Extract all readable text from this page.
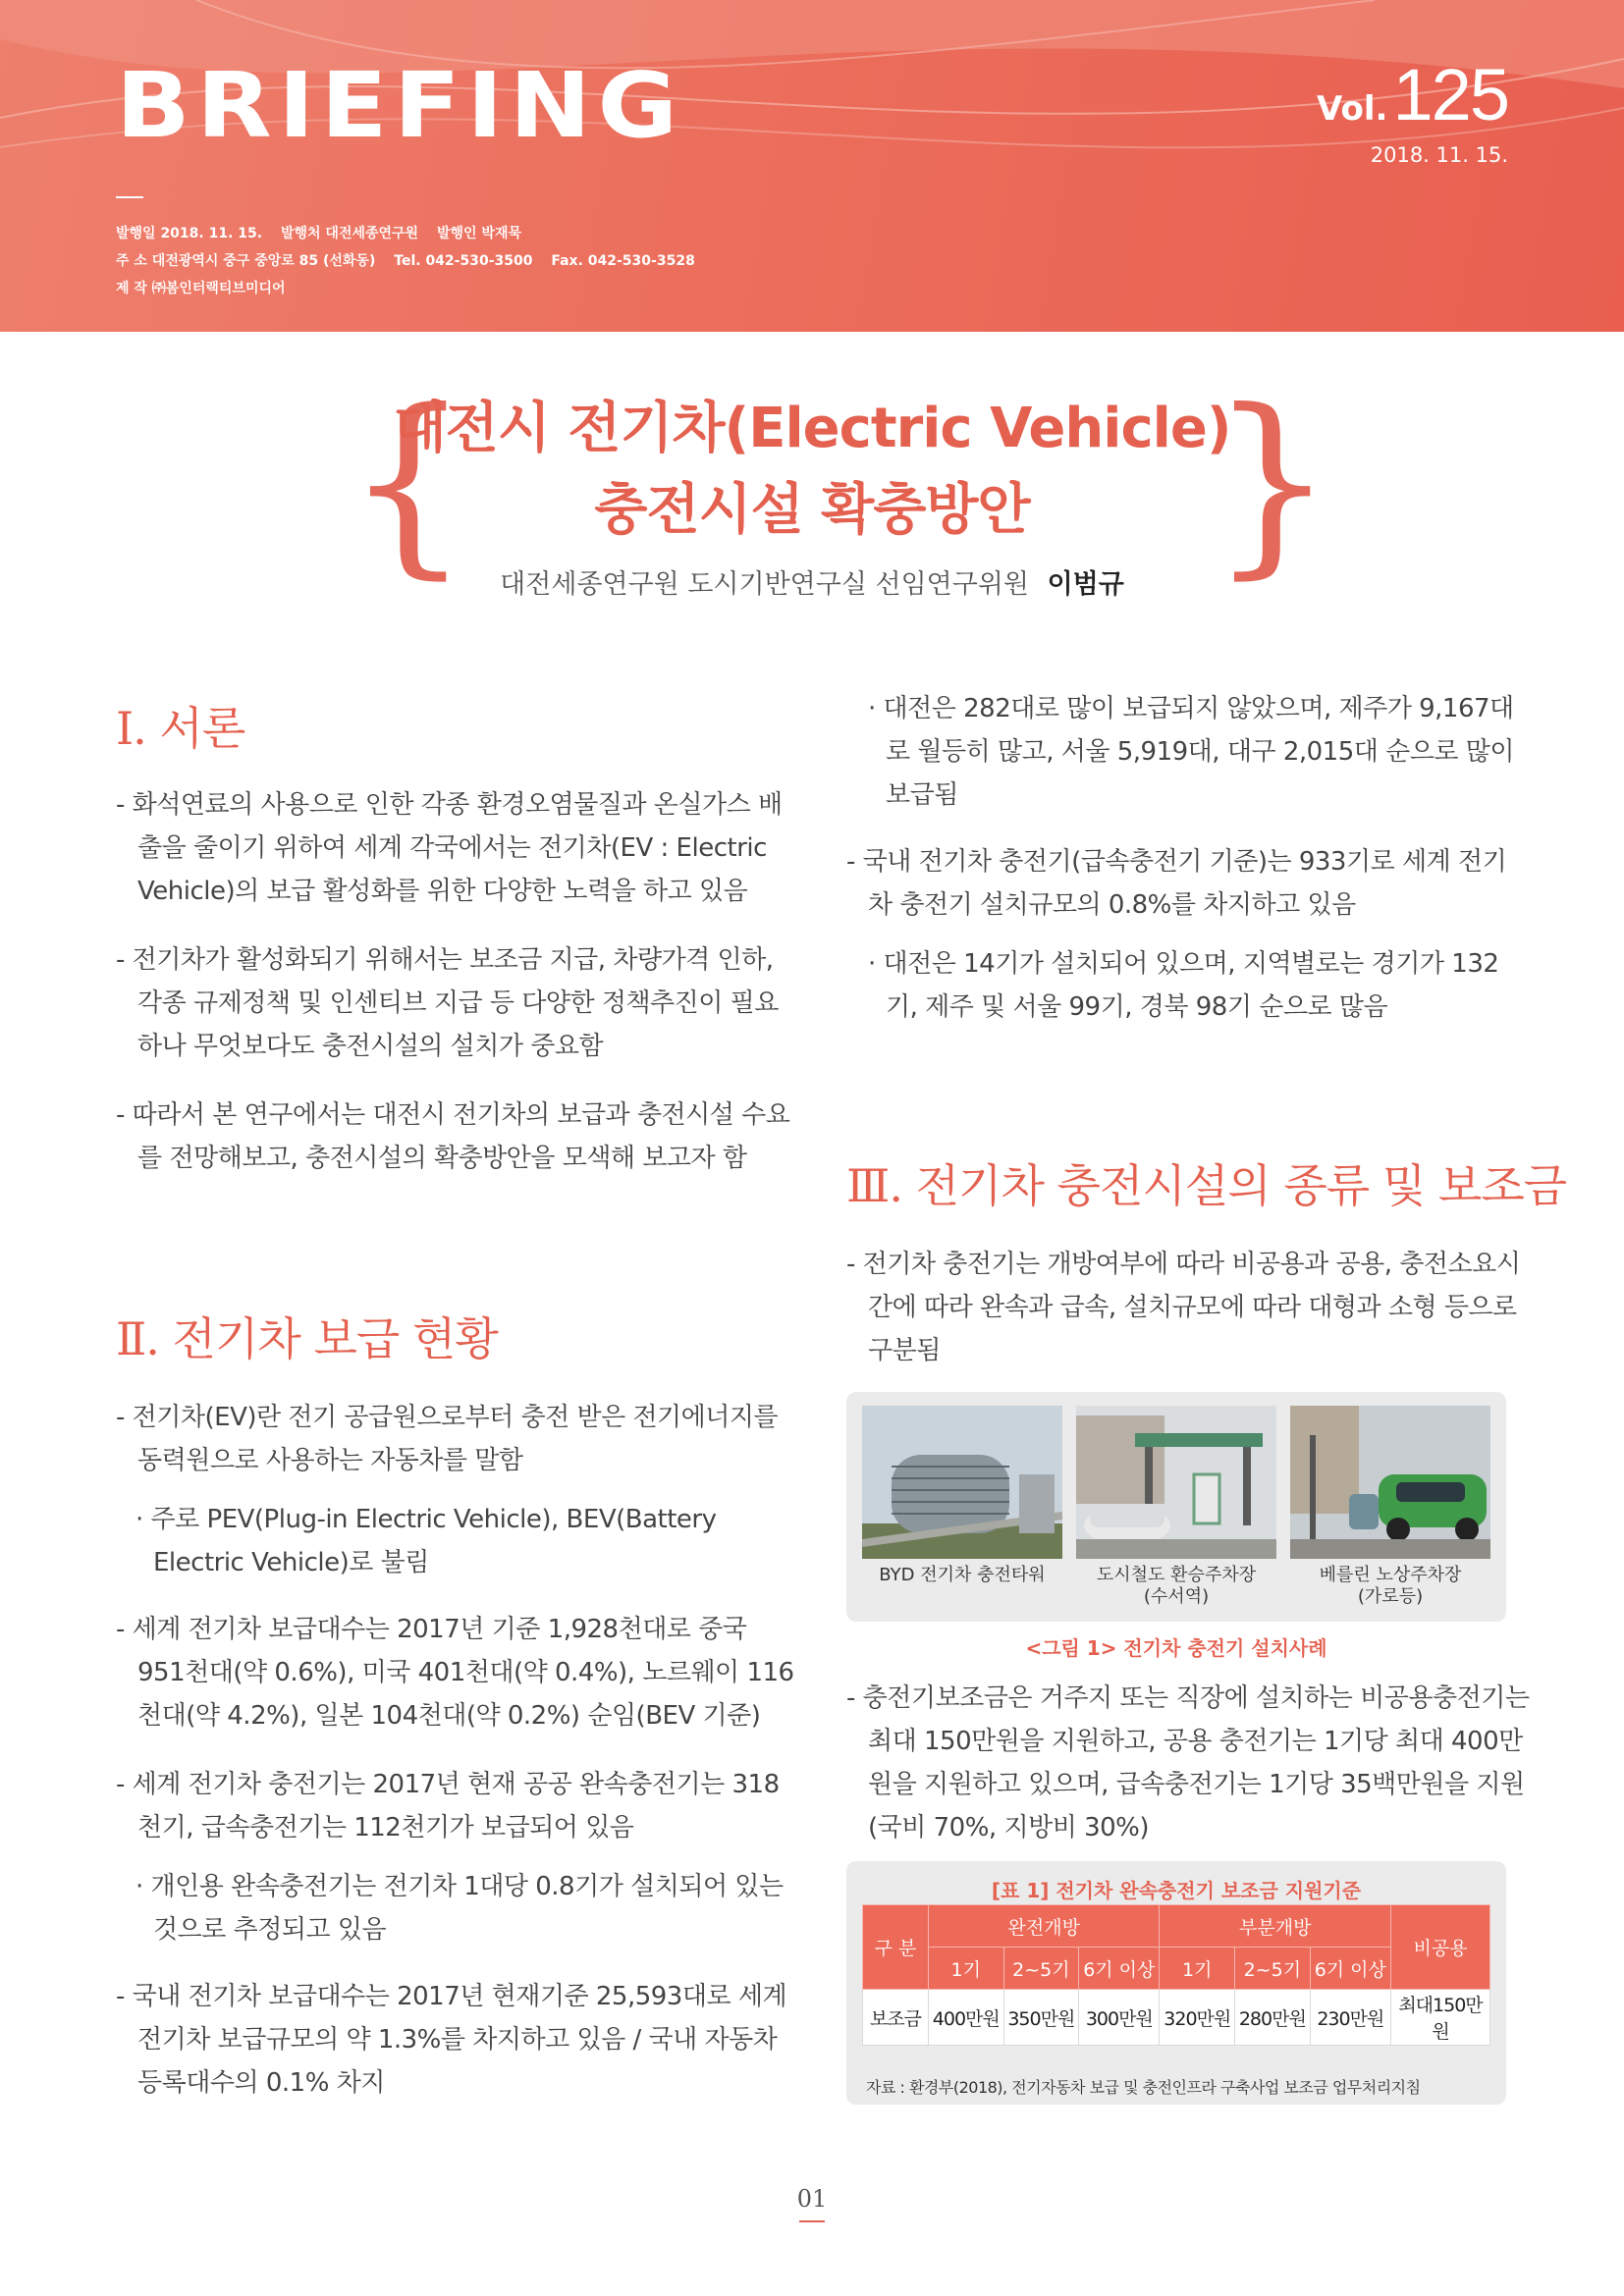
BRIEFING	Vol. 125
2018. 11. 15.
발행일 2018. 11. 15. 발행처 대전세종연구원 발행인 박재묵
주 소 대전광역시 중구 중앙로 85 (선화동) Tel. 042-530-3500 Fax. 042-530-3528
제 작 ㈜봄인터랙티브미디어
{	}
대전시 전기차(Electric Vehicle)
충전시설 확충방안
대전세종연구원 도시기반연구실 선임연구위원 이범규
Ⅰ. 서론
- 화석연료의 사용으로 인한 각종 환경오염물질과 온실가스 배출을 줄이기 위하여 세계 각국에서는 전기차(EV : Electric Vehicle)의 보급 활성화를 위한 다양한 노력을 하고 있음
- 전기차가 활성화되기 위해서는 보조금 지급, 차량가격 인하, 각종 규제정책 및 인센티브 지급 등 다양한 정책추진이 필요하나 무엇보다도 충전시설의 설치가 중요함
- 따라서 본 연구에서는 대전시 전기차의 보급과 충전시설 수요를 전망해보고, 충전시설의 확충방안을 모색해 보고자 함
Ⅱ. 전기차 보급 현황
- 전기차(EV)란 전기 공급원으로부터 충전 받은 전기에너지를 동력원으로 사용하는 자동차를 말함
· 주로 PEV(Plug-in Electric Vehicle), BEV(Battery Electric Vehicle)로 불림
- 세계 전기차 보급대수는 2017년 기준 1,928천대로 중국 951천대(약 0.6%), 미국 401천대(약 0.4%), 노르웨이 116천대(약 4.2%), 일본 104천대(약 0.2%) 순임(BEV 기준)
- 세계 전기차 충전기는 2017년 현재 공공 완속충전기는 318천기, 급속충전기는 112천기가 보급되어 있음
· 개인용 완속충전기는 전기차 1대당 0.8기가 설치되어 있는 것으로 추정되고 있음
- 국내 전기차 보급대수는 2017년 현재기준 25,593대로 세계 전기차 보급규모의 약 1.3%를 차지하고 있음 / 국내 자동차 등록대수의 0.1% 차지
· 대전은 282대로 많이 보급되지 않았으며, 제주가 9,167대로 월등히 많고, 서울 5,919대, 대구 2,015대 순으로 많이 보급됨
- 국내 전기차 충전기(급속충전기 기준)는 933기로 세계 전기차 충전기 설치규모의 0.8%를 차지하고 있음
· 대전은 14기가 설치되어 있으며, 지역별로는 경기가 132기, 제주 및 서울 99기, 경북 98기 순으로 많음
Ⅲ. 전기차 충전시설의 종류 및 보조금
- 전기차 충전기는 개방여부에 따라 비공용과 공용, 충전소요시간에 따라 완속과 급속, 설치규모에 따라 대형과 소형 등으로 구분됨
BYD 전기차 충전타워	도시철도 환승주차장
(수서역)
베를린 노상주차장
(가로등)
<그림 1> 전기차 충전기 설치사례
- 충전기보조금은 거주지 또는 직장에 설치하는 비공용충전기는 최대 150만원을 지원하고, 공용 충전기는 1기당 최대 400만원을 지원하고 있으며, 급속충전기는 1기당 35백만원을 지원(국비 70%, 지방비 30%)
[표 1] 전기차 완속충전기 보조금 지원기준
구 분	완전개방			부분개방			비공용
	1기	2~5기	6기 이상	1기	2~5기	6기 이상	
보조금	400만원	350만원	300만원	320만원	280만원	230만원	최대150만원
자료 : 환경부(2018), 전기자동차 보급 및 충전인프라 구축사업 보조금 업무처리지침
01
